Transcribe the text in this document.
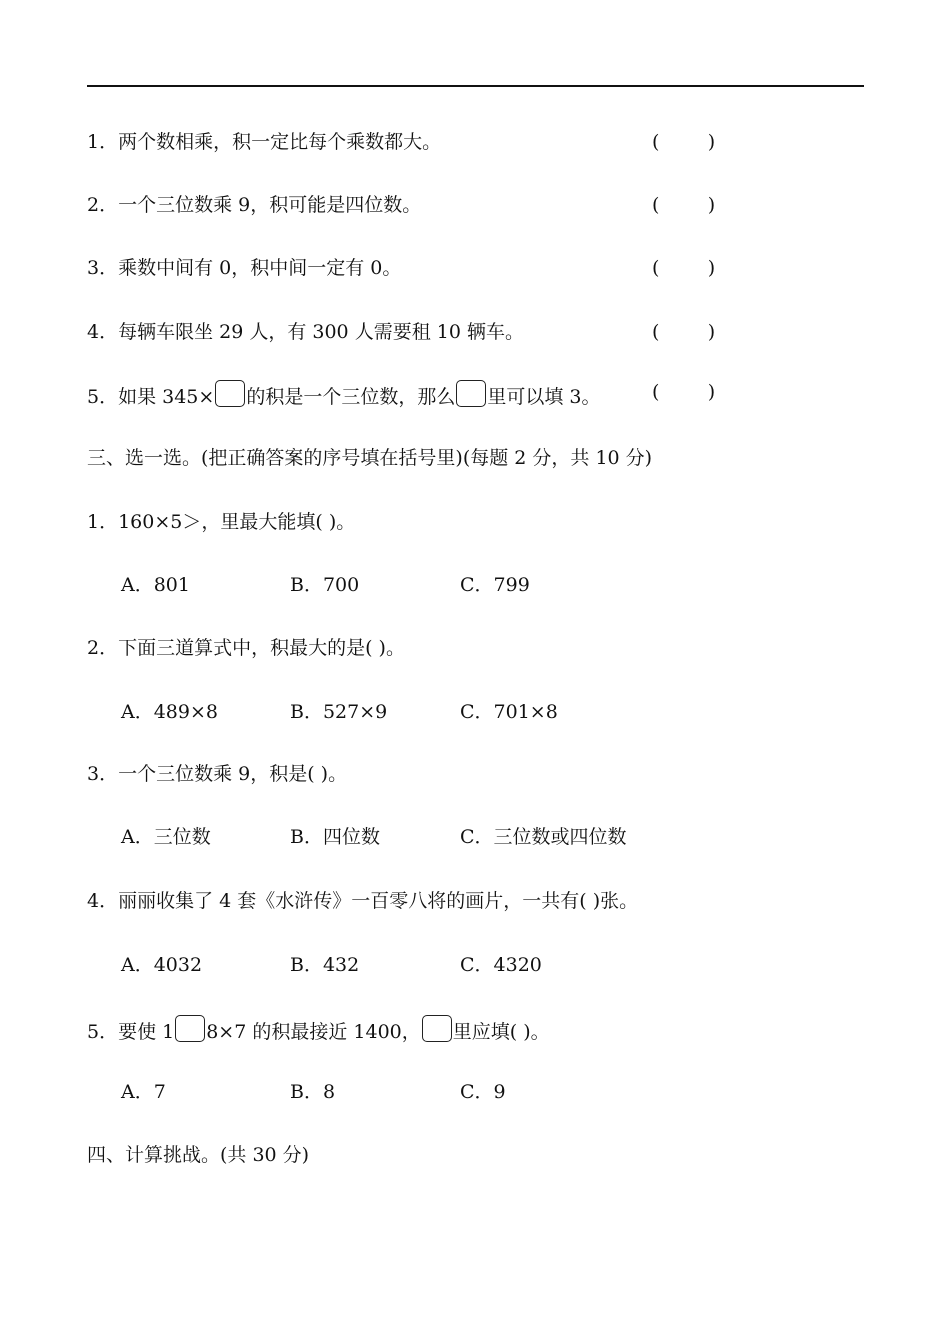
1．两个数相乘，积一定比每个乘数都大。	(        )
2．一个三位数乘 9，积可能是四位数。	(        )
3．乘数中间有 0，积中间一定有 0。	(        )
4．每辆车限坐 29 人，有 300 人需要租 10 辆车。	(        )
5．如果 345× 的积是一个三位数，那么 里可以填 3。	(        )
三、选一选。(把正确答案的序号填在括号里)(每题 2 分，共 10 分)
1．160×5＞，里最大能填( )。
A．801	B．700	C．799
2．下面三道算式中，积最大的是( )。
A．489×8	B．527×9	C．701×8
3．一个三位数乘 9，积是( )。
A．三位数	B．四位数	C．三位数或四位数
4．丽丽收集了 4 套《水浒传》一百零八将的画片，一共有( )张。
A．4032	B．432	C．4320
5．要使 1 8×7 的积最接近 1400， 里应填( )。
A．7	B．8	C．9
四、计算挑战。(共 30 分)
